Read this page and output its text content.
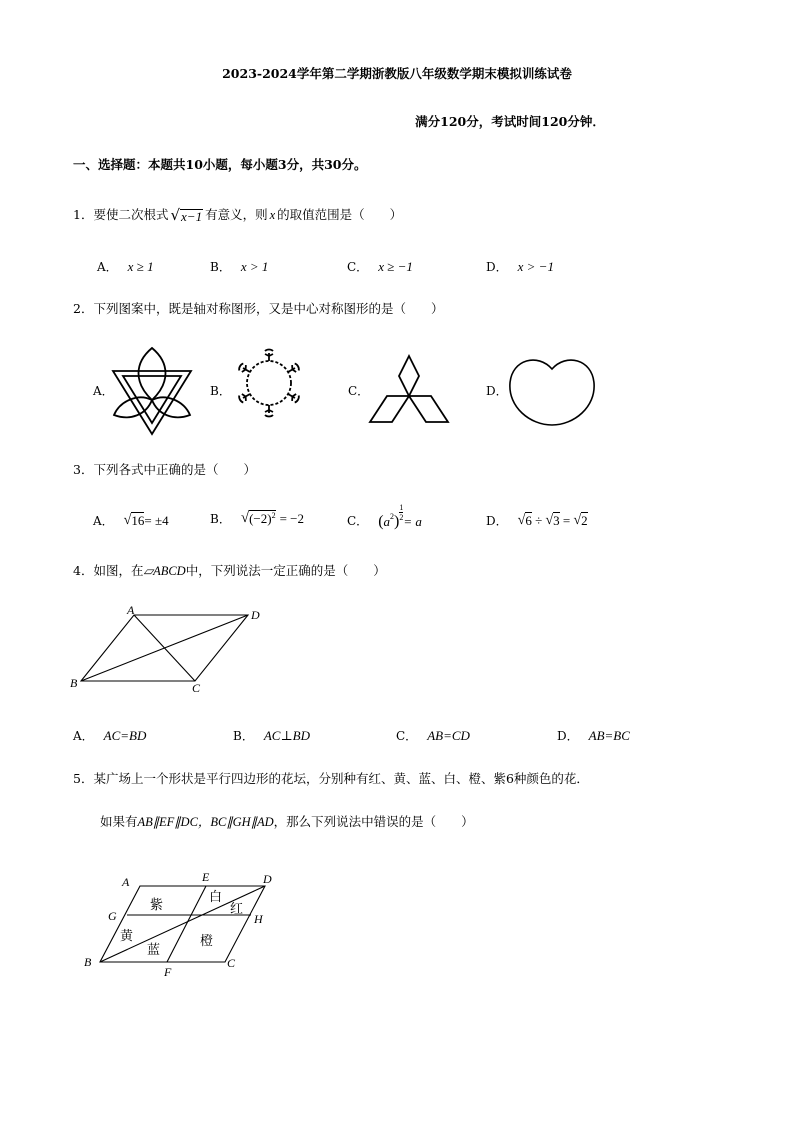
2023-2024学年第二学期浙教版八年级数学期末模拟训练试卷
满分120分，考试时间120分钟．
一、选择题：本题共10小题，每小题3分，共30分。
1．要使二次根式 √ x−1 有意义，则 x 的取值范围是（　　）
A． x ≥ 1	B． x > 1	C． x ≥ −1	D． x > −1
2．下列图案中，既是轴对称图形，又是中心对称图形的是（　　）
A．	B．	C．	D．
3．下列各式中正确的是（　　）
A． √ 16 = ±4	B． √ $(-2)^2 = -2$	C． ( $a^2$ ) $\frac{1}{2} = a$	D． √ 6 ÷ √ 3 = √ 2
4．如图，在 ▱ABCD 中，下列说法一定正确的是（　　）
A	D
B	C
A． AC=BD	B． AC⊥BD	C． AB=CD	D． AB=BC
5．某广场上一个形状是平行四边形的花坛，分别种有红、黄、蓝、白、橙、紫6种颜色的花．
如果有 AB∥EF∥DC，BC∥GH∥AD ，那么下列说法中错误的是（　　）
A	E	D
G	H
B
F
C
紫
白
红
黄
蓝
橙
